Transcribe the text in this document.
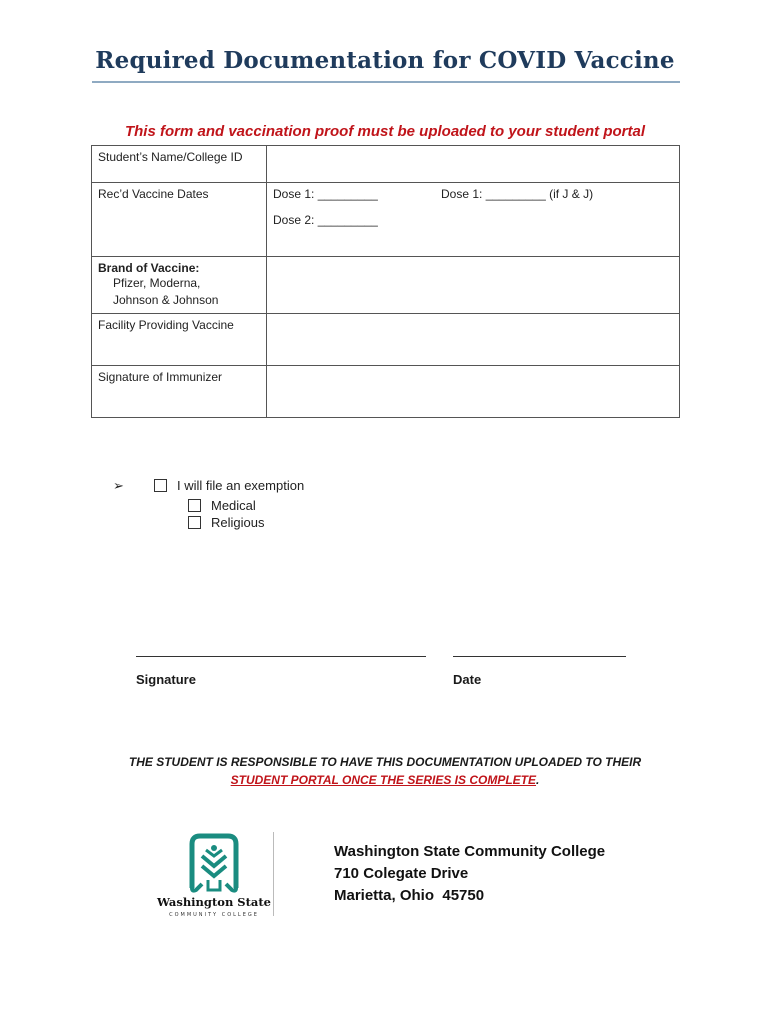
Required Documentation for COVID Vaccine
This form and vaccination proof must be uploaded to your student portal
Student’s Name/College ID	
Rec’d Vaccine Dates	Dose 1: _________ Dose 1: _________ (if J & J)
Dose 2: _________

Brand of Vaccine:
Pfizer, Moderna,
Johnson & Johnson	

Facility Providing Vaccine	
Signature of Immunizer	
➢	I will file an exemption
Medical
Religious
Signature	Date
THE STUDENT IS RESPONSIBLE TO HAVE THIS DOCUMENTATION UPLOADED TO THEIR
STUDENT PORTAL ONCE THE SERIES IS COMPLETE.
Washington State
COMMUNITY COLLEGE
Washington State Community College
710 Colegate Drive
Marietta, Ohio  45750
